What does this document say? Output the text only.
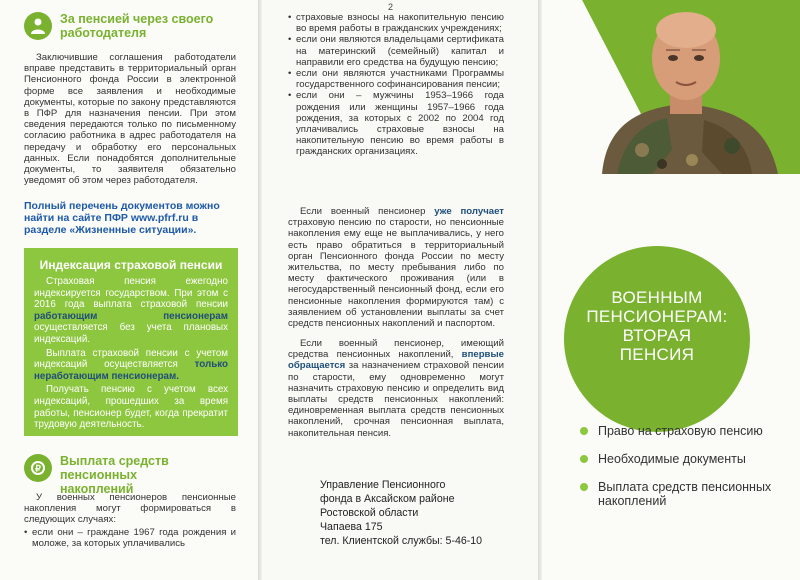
За пенсией через своего работодателя

Заключившие соглашения работодатели вправе представить в территориальный орган Пенсионного фонда России в электронной форме все заявления и необходимые документы, которые по закону представляются в ПФР для назначения пенсии. При этом сведения передаются только по письменному согласию работника в адрес работодателя на передачу и обработку его персональных данных. Если понадобятся дополнительные документы, то заявителя обязательно уведомят об этом через работодателя.

Полный перечень документов можно найти на сайте ПФР www.pfrf.ru в разделе «Жизненные ситуации».
Индексация страховой пенсии

Страховая пенсия ежегодно индексируется государством. При этом с 2016 года выплата страховой пенсии работающим пенсионерам осуществляется без учета плановых индексаций.

Выплата страховой пенсии с учетом индексаций осуществляется только неработающим пенсионерам.

Получать пенсию с учетом всех индексаций, прошедших за время работы, пенсионер будет, когда прекратит трудовую деятельность.

₽
Выплата средств пенсионных накоплений

У военных пенсионеров пенсионные накопления могут формироваться в следующих случаях:

• если они – граждане 1967 года рождения и моложе, за которых уплачивались
2
• страховые взносы на накопительную пенсию во время работы в гражданских учреждениях;
• если они являются владельцами сертификата на материнский (семейный) капитал и направили его средства на будущую пенсию;
• если они являются участниками Программы государственного софинансирования пенсии;
• если они – мужчины 1953–1966 года рождения или женщины 1957–1966 года рождения, за которых с 2002 по 2004 год уплачивались страховые взносы на накопительную пенсию во время работы в гражданских организациях.

Если военный пенсионер уже получает страховую пенсию по старости, но пенсионные накопления ему еще не выплачивались, у него есть право обратиться в территориальный орган Пенсионного фонда России по месту жительства, по месту пребывания либо по месту фактического проживания (или в негосударственный пенсионный фонд, если его пенсионные накопления формируются там) с заявлением об установлении выплаты за счет средств пенсионных накоплений и паспортом.

Если военный пенсионер, имеющий средства пенсионных накоплений, впервые обращается за назначением страховой пенсии по старости, ему одновременно могут назначить страховую пенсию и определить вид выплаты средств пенсионных накоплений: единовременная выплата средств пенсионных накоплений, срочная пенсионная выплата, накопительная пенсия.

Управление Пенсионного
фонда в Аксайском районе
Ростовской области
Чапаева 175
тел. Клиентской службы: 5-46-10
ВОЕННЫМ
ПЕНСИОНЕРАМ:
ВТОРАЯ
ПЕНСИЯ
Право на страховую пенсию
Необходимые документы
Выплата средств пенсионных накоплений
